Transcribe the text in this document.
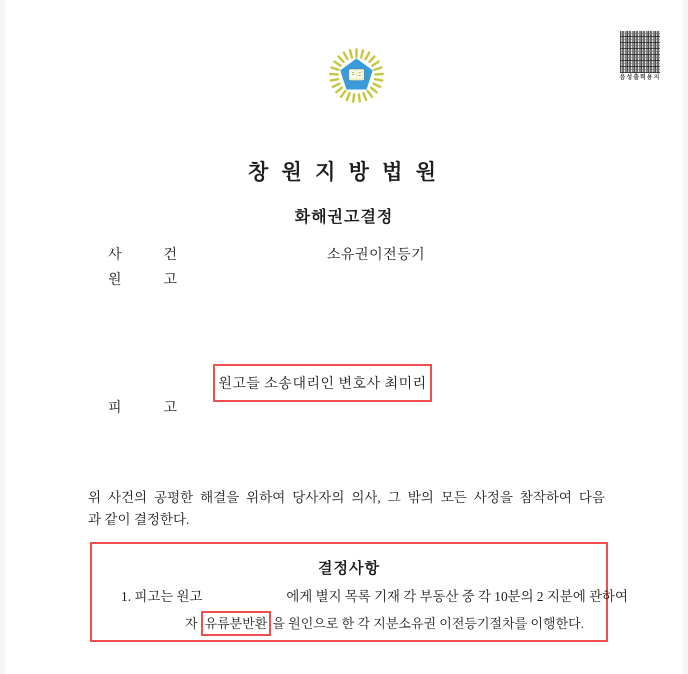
음성출력용지
창 원 지 방 법 원
화해권고결정
사	건	소유권이전등기
원	고
원고들 소송대리인 변호사 최미리
피	고
위 사건의 공평한 해결을 위하여 당사자의 의사, 그 밖의 모든 사정을 참작하여 다음
과 같이 결정한다.
결정사항
1. 피고는 원고	에게 별지 목록 기재 각 부동산 중 각 10분의 2 지분에 관하여
자 유류분반환 을 원인으로 한 각 지분소유권 이전등기절차를 이행한다.
